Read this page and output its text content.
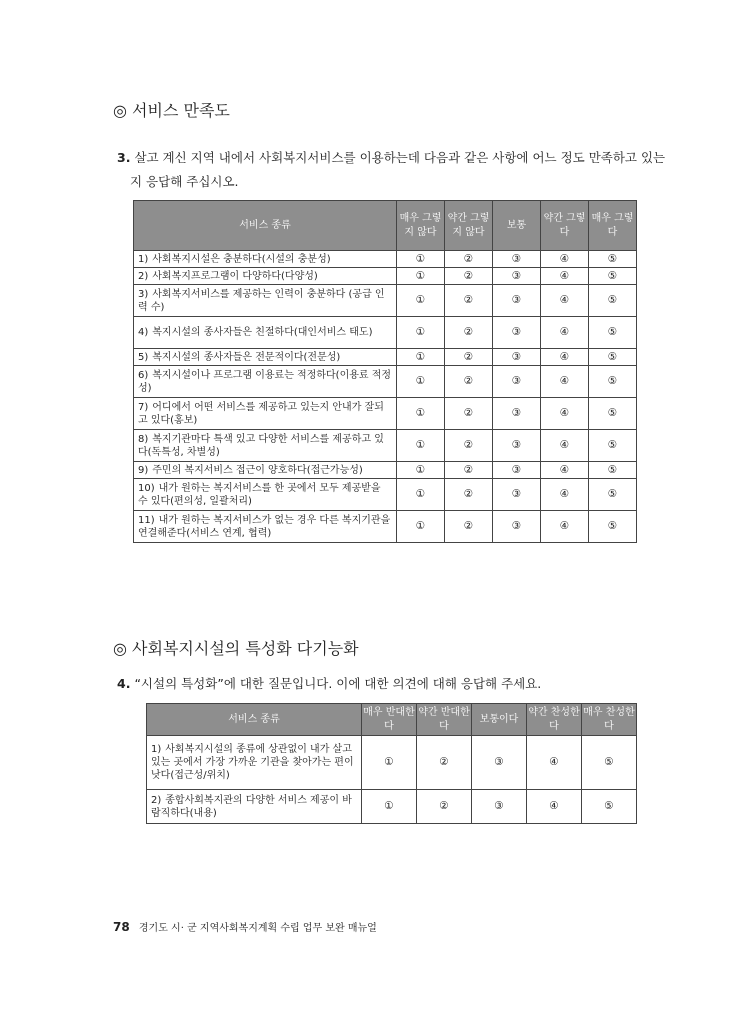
◎ 서비스 만족도
3. 살고 계신 지역 내에서 사회복지서비스를 이용하는데 다음과 같은 사항에 어느 정도 만족하고 있는
지 응답해 주십시오.
서비스 종류	매우 그렇지 않다	약간 그렇지 않다	보통	약간 그렇다	매우 그렇다
1) 사회복지시설은 충분하다(시설의 충분성)	①	②	③	④	⑤
2) 사회복지프로그램이 다양하다(다양성)	①	②	③	④	⑤
3) 사회복지서비스를 제공하는 인력이 충분하다 (공급 인력 수)	①	②	③	④	⑤
4) 복지시설의 종사자들은 친절하다(대인서비스 태도)	①	②	③	④	⑤
5) 복지시설의 종사자들은 전문적이다(전문성)	①	②	③	④	⑤
6) 복지시설이나 프로그램 이용료는 적정하다(이용료 적정성)	①	②	③	④	⑤
7) 어디에서 어떤 서비스를 제공하고 있는지 안내가 잘되고 있다(홍보)	①	②	③	④	⑤
8) 복지기관마다 특색 있고 다양한 서비스를 제공하고 있다(독특성, 차별성)	①	②	③	④	⑤
9) 주민의 복지서비스 접근이 양호하다(접근가능성)	①	②	③	④	⑤
10) 내가 원하는 복지서비스를 한 곳에서 모두 제공받을 수 있다(편의성, 일괄처리)	①	②	③	④	⑤
11) 내가 원하는 복지서비스가 없는 경우 다른 복지기관을 연결해준다(서비스 연계, 협력)	①	②	③	④	⑤
◎ 사회복지시설의 특성화 다기능화
4. “시설의 특성화”에 대한 질문입니다. 이에 대한 의견에 대해 응답해 주세요.
서비스 종류	매우 반대한다	약간 반대한다	보통이다	약간 찬성한다	매우 찬성한다
1) 사회복지시설의 종류에 상관없이 내가 살고 있는 곳에서 가장 가까운 기관을 찾아가는 편이 낫다(접근성/위치)	①	②	③	④	⑤
2) 종합사회복지관의 다양한 서비스 제공이 바람직하다(내용)	①	②	③	④	⑤
78 경기도 시· 군 지역사회복지계획 수립 업무 보완 매뉴얼
